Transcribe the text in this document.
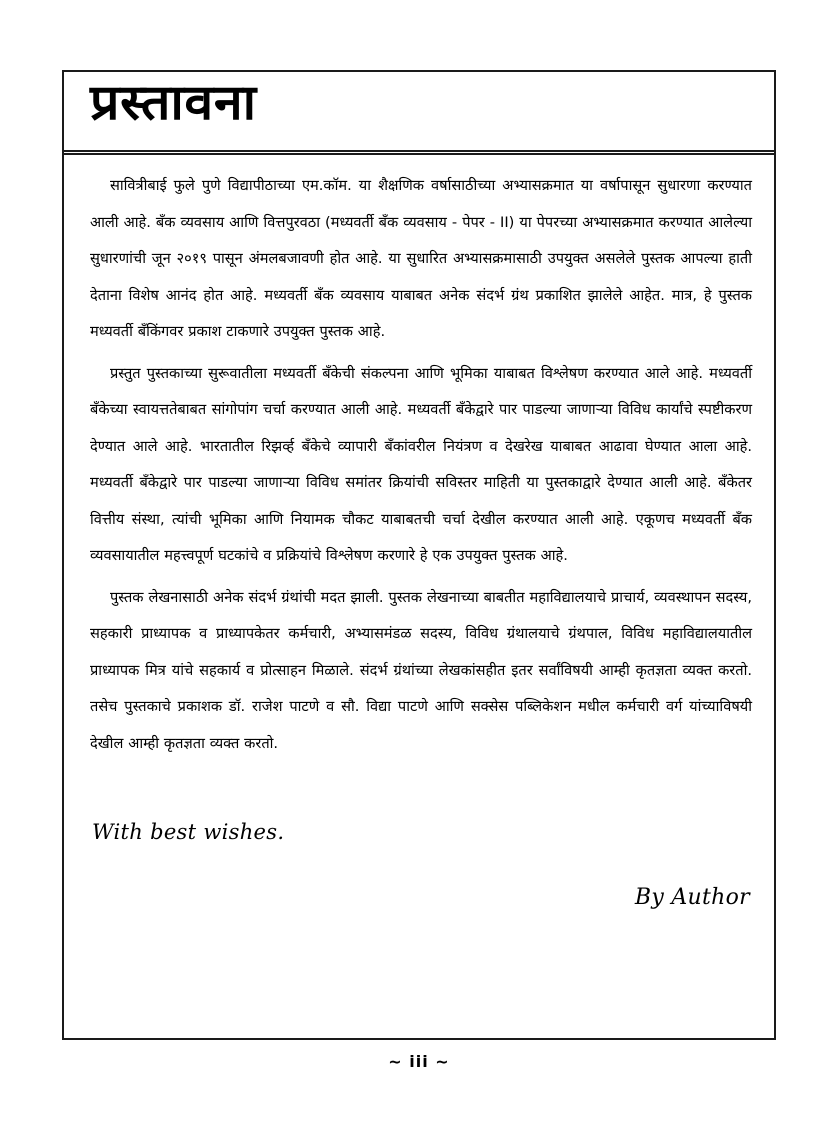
प्रस्तावना

सावित्रीबाई फुले पुणे विद्यापीठाच्या एम.कॉम. या शैक्षणिक वर्षासाठीच्या अभ्यासक्रमात या वर्षापासून सुधारणा करण्यात आली आहे. बँक व्यवसाय आणि वित्तपुरवठा (मध्यवर्ती बँक व्यवसाय - पेपर - II) या पेपरच्या अभ्यासक्रमात करण्यात आलेल्या सुधारणांची जून २०१९ पासून अंमलबजावणी होत आहे. या सुधारित अभ्यासक्रमासाठी उपयुक्त असलेले पुस्तक आपल्या हाती देताना विशेष आनंद होत आहे. मध्यवर्ती बँक व्यवसाय याबाबत अनेक संदर्भ ग्रंथ प्रकाशित झालेले आहेत. मात्र, हे पुस्तक मध्यवर्ती बँकिंगवर प्रकाश टाकणारे उपयुक्त पुस्तक आहे.

प्रस्तुत पुस्तकाच्या सुरूवातीला मध्यवर्ती बँकेची संकल्पना आणि भूमिका याबाबत विश्लेषण करण्यात आले आहे. मध्यवर्ती बँकेच्या स्वायत्ततेबाबत सांगोपांग चर्चा करण्यात आली आहे. मध्यवर्ती बँकेद्वारे पार पाडल्या जाणाऱ्या विविध कार्यांचे स्पष्टीकरण देण्यात आले आहे. भारतातील रिझर्व्ह बँकेचे व्यापारी बँकांवरील नियंत्रण व देखरेख याबाबत आढावा घेण्यात आला आहे. मध्यवर्ती बँकेद्वारे पार पाडल्या जाणाऱ्या विविध समांतर क्रियांची सविस्तर माहिती या पुस्तकाद्वारे देण्यात आली आहे. बँकेतर वित्तीय संस्था, त्यांची भूमिका आणि नियामक चौकट याबाबतची चर्चा देखील करण्यात आली आहे. एकूणच मध्यवर्ती बँक व्यवसायातील महत्त्वपूर्ण घटकांचे व प्रक्रियांचे विश्लेषण करणारे हे एक उपयुक्त पुस्तक आहे.

पुस्तक लेखनासाठी अनेक संदर्भ ग्रंथांची मदत झाली. पुस्तक लेखनाच्या बाबतीत महाविद्यालयाचे प्राचार्य, व्यवस्थापन सदस्य, सहकारी प्राध्यापक व प्राध्यापकेतर कर्मचारी, अभ्यासमंडळ सदस्य, विविध ग्रंथालयाचे ग्रंथपाल, विविध महाविद्यालयातील प्राध्यापक मित्र यांचे सहकार्य व प्रोत्साहन मिळाले. संदर्भ ग्रंथांच्या लेखकांसहीत इतर सर्वांविषयी आम्ही कृतज्ञता व्यक्त करतो. तसेच पुस्तकाचे प्रकाशक डॉ. राजेश पाटणे व सौ. विद्या पाटणे आणि सक्सेस पब्लिकेशन मधील कर्मचारी वर्ग यांच्याविषयी देखील आम्ही कृतज्ञता व्यक्त करतो.

With best wishes.
By Author
~ iii ~
